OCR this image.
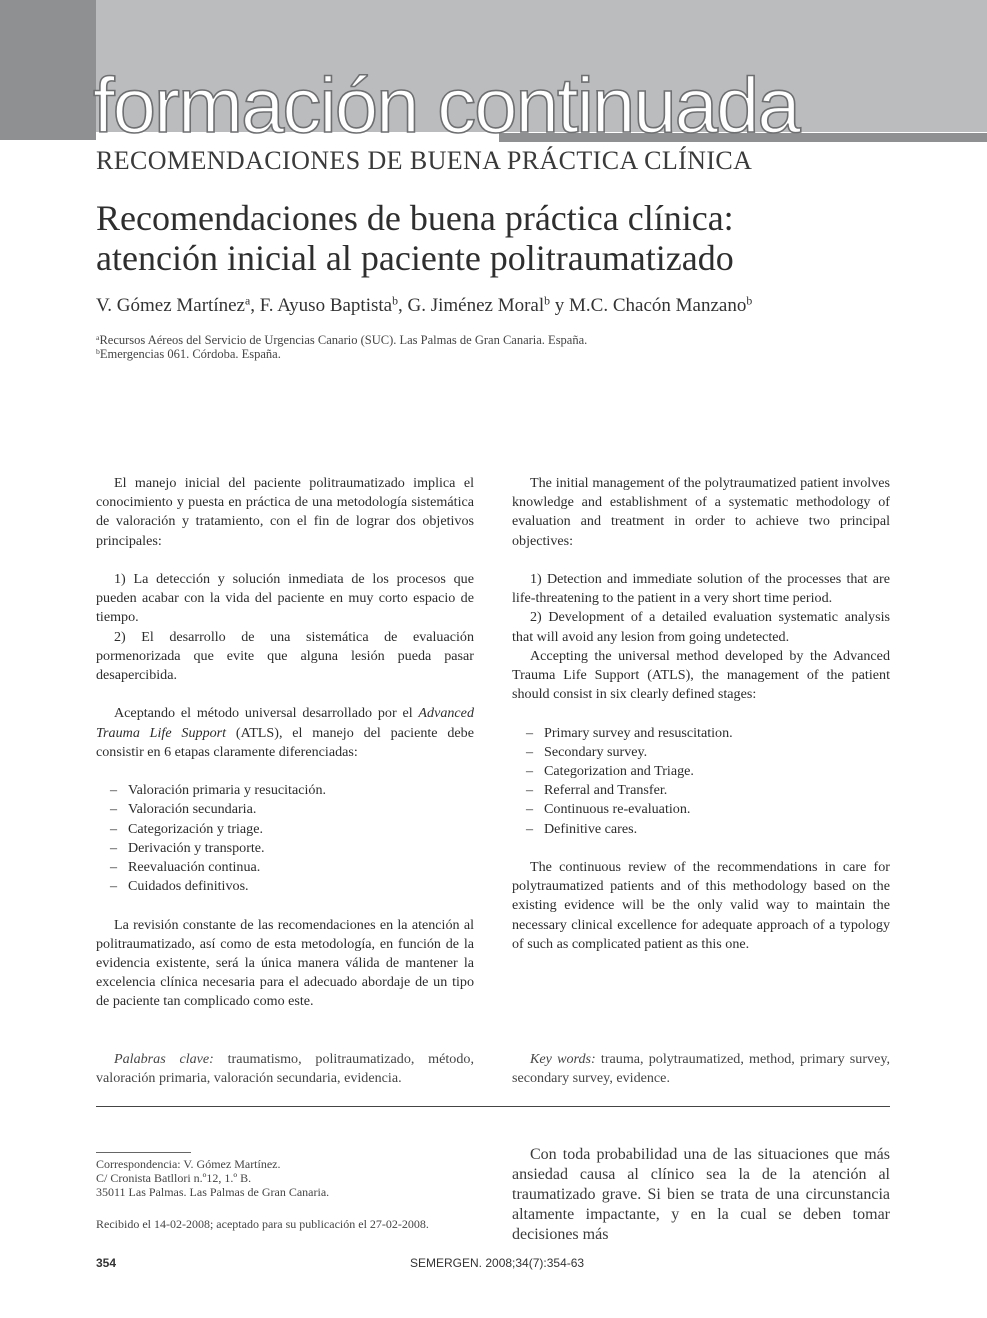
formación continuada
RECOMENDACIONES DE BUENA PRÁCTICA CLÍNICA
Recomendaciones de buena práctica clínica:
atención inicial al paciente politraumatizado
V. Gómez Martínez$^a$, F. Ayuso Baptista$^b$, G. Jiménez Moral$^b$ y M.C. Chacón Manzano$^b$
$^a$Recursos Aéreos del Servicio de Urgencias Canario (SUC). Las Palmas de Gran Canaria. España.
$^b$Emergencias 061. Córdoba. España.

El manejo inicial del paciente politraumatizado implica el conocimiento y puesta en práctica de una metodología sistemática de valoración y tratamiento, con el fin de lograr dos objetivos principales:

1) La detección y solución inmediata de los procesos que pueden acabar con la vida del paciente en muy corto espacio de tiempo.

2) El desarrollo de una sistemática de evaluación pormenorizada que evite que alguna lesión pueda pasar desapercibida.

Aceptando el método universal desarrollado por el Advanced Trauma Life Support (ATLS), el manejo del paciente debe consistir en 6 etapas claramente diferenciadas:

– Valoración primaria y resucitación.
– Valoración secundaria.
– Categorización y triage.
– Derivación y transporte.
– Reevaluación continua.
– Cuidados definitivos.

La revisión constante de las recomendaciones en la atención al politraumatizado, así como de esta metodología, en función de la evidencia existente, será la única manera válida de mantener la excelencia clínica necesaria para el adecuado abordaje de un tipo de paciente tan complicado como este.

The initial management of the polytraumatized patient involves knowledge and establishment of a systematic methodology of evaluation and treatment in order to achieve two principal objectives:

1) Detection and immediate solution of the processes that are life-threatening to the patient in a very short time period.

2) Development of a detailed evaluation systematic analysis that will avoid any lesion from going undetected.

Accepting the universal method developed by the Advanced Trauma Life Support (ATLS), the management of the patient should consist in six clearly defined stages:

– Primary survey and resuscitation.
– Secondary survey.
– Categorization and Triage.
– Referral and Transfer.
– Continuous re-evaluation.
– Definitive cares.

The continuous review of the recommendations in care for polytraumatized patients and of this methodology based on the existing evidence will be the only valid way to maintain the necessary clinical excellence for adequate approach of a typology of such as complicated patient as this one.

Palabras clave: traumatismo, politraumatizado, método, valoración primaria, valoración secundaria, evidencia.

Key words: trauma, polytraumatized, method, primary survey, secondary survey, evidence.

Correspondencia: V. Gómez Martínez.
C/ Cronista Batllori n.º12, 1.º B.
35011 Las Palmas. Las Palmas de Gran Canaria.
Recibido el 14-02-2008; aceptado para su publicación el 27-02-2008.

Con toda probabilidad una de las situaciones que más ansiedad causa al clínico sea la de la atención al traumatizado grave. Si bien se trata de una circunstancia altamente impactante, y en la cual se deben tomar decisiones más

354	SEMERGEN. 2008;34(7):354-63
